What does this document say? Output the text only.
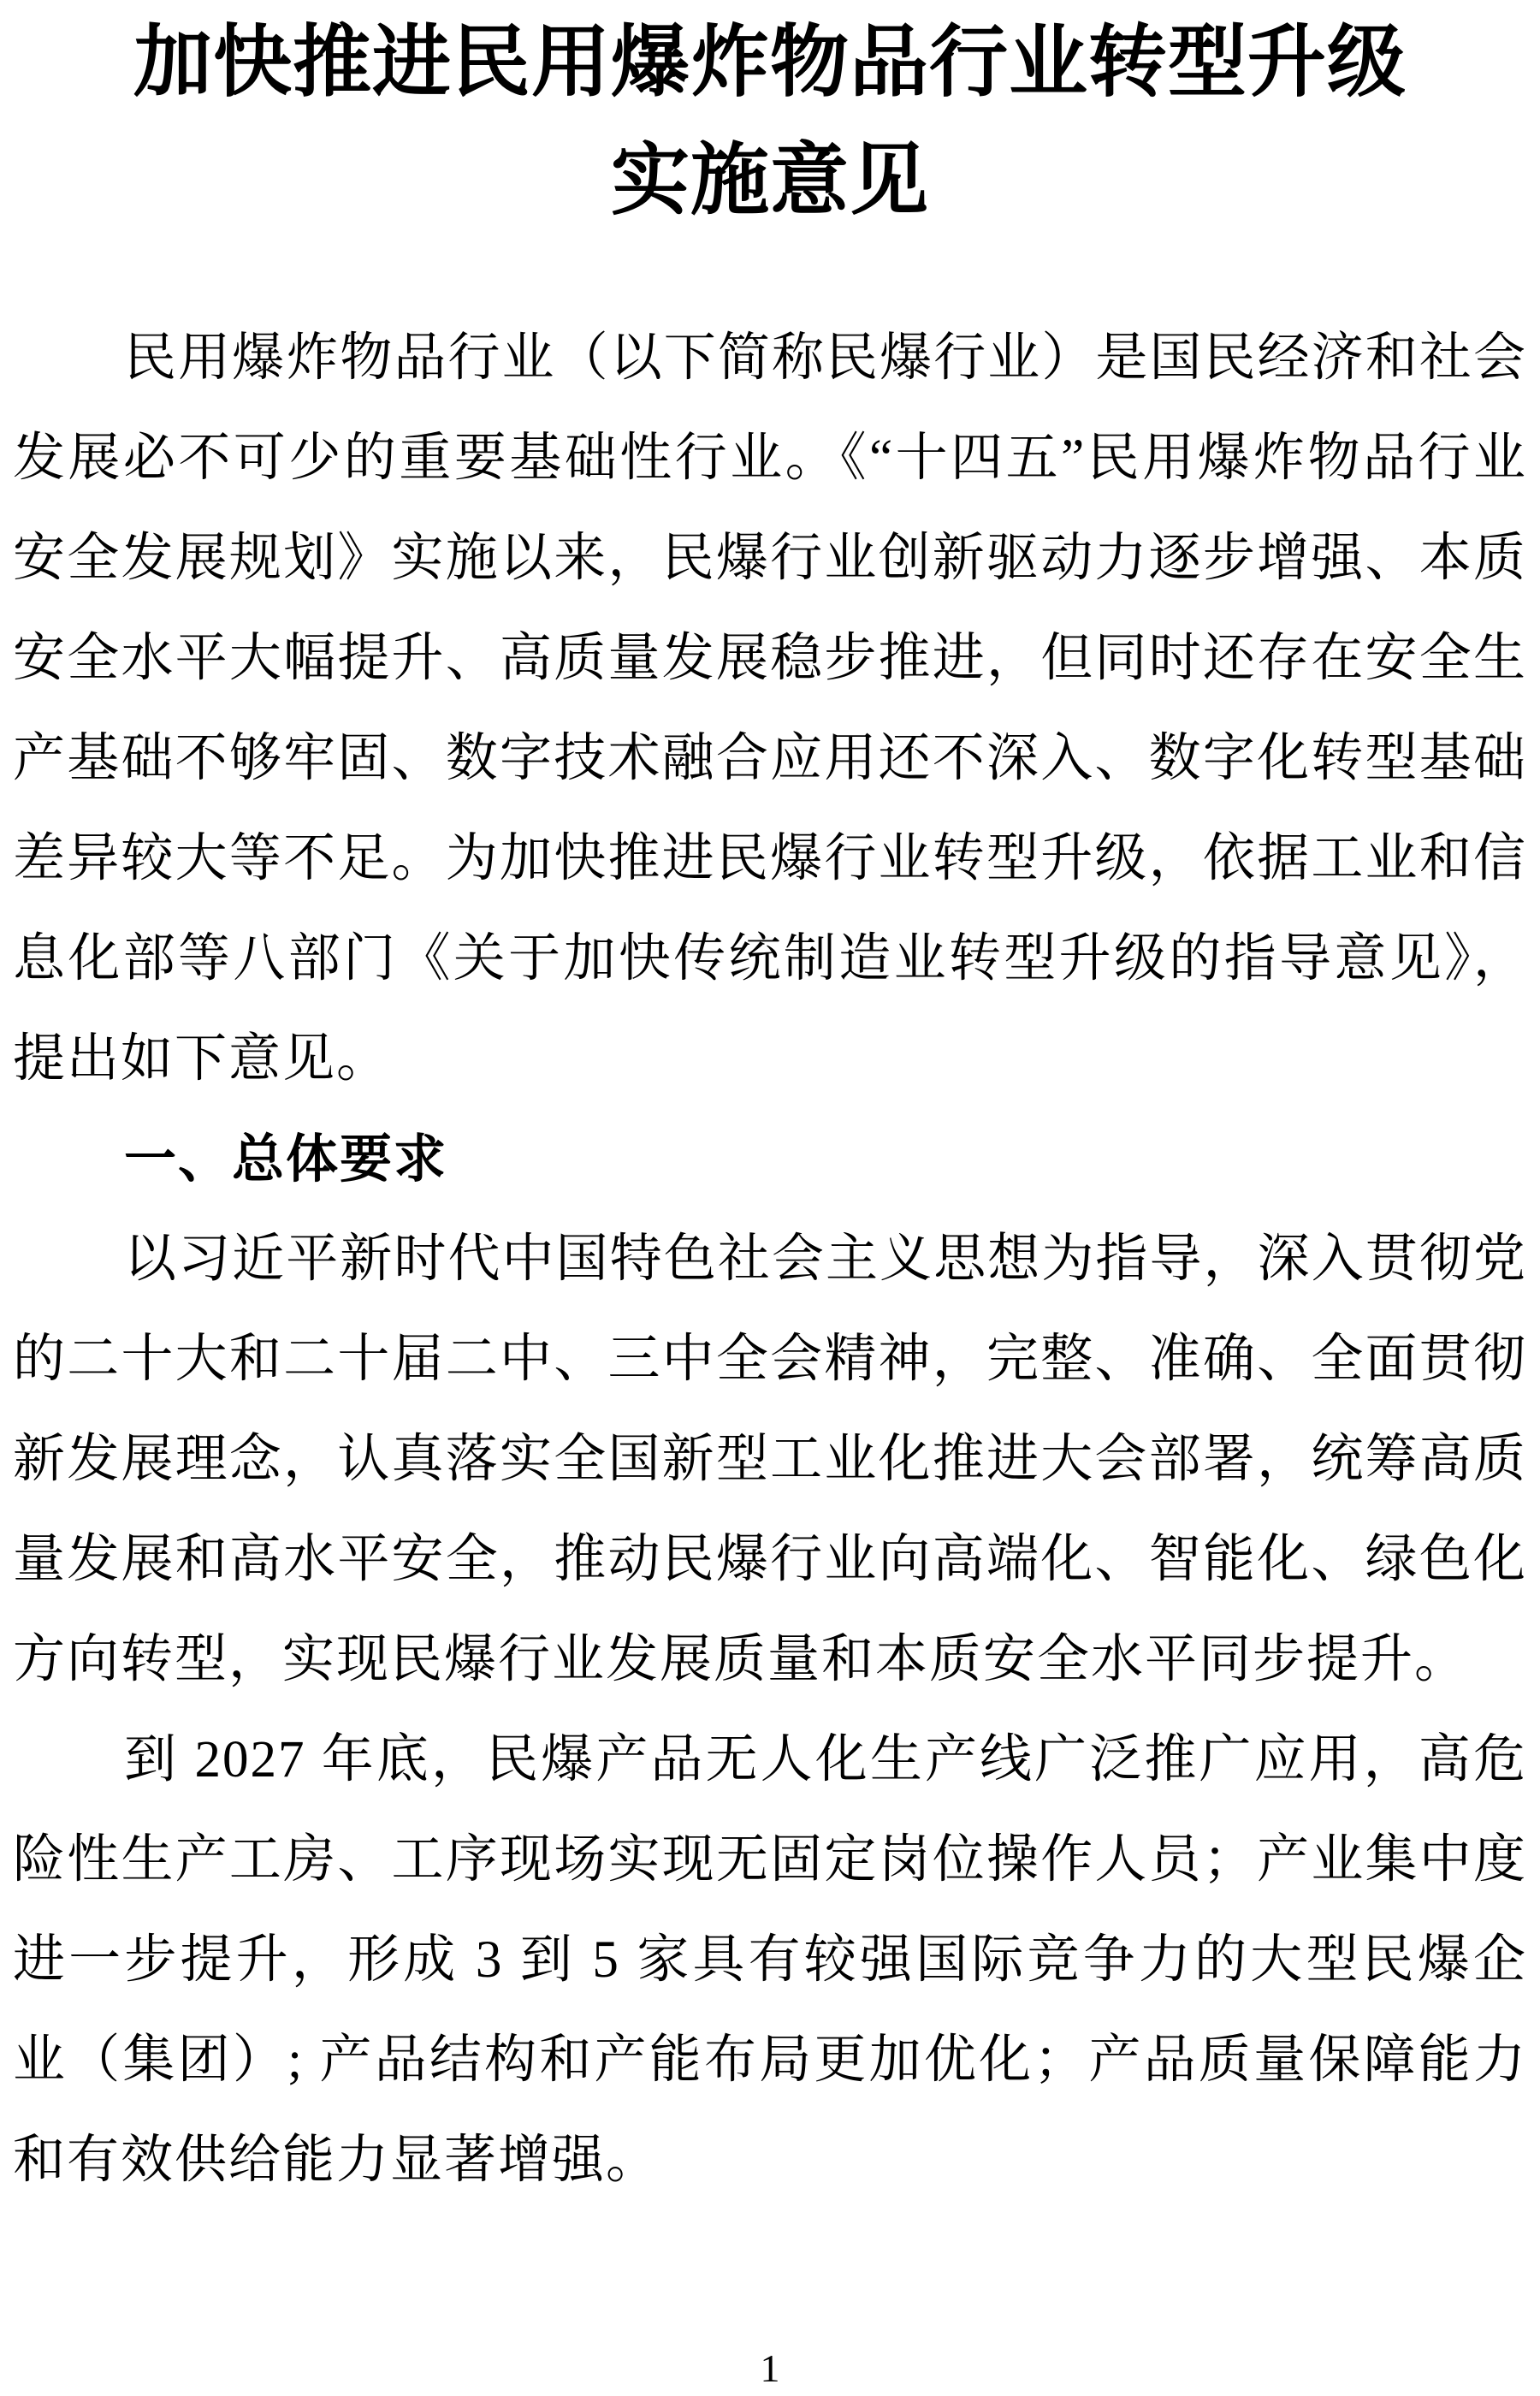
加快推进民用爆炸物品行业转型升级
实施意见

民用爆炸物品行业（以下简称民爆行业）是国民经济和社会发展必不可少的重要基础性行业。《“十四五”民用爆炸物品行业安全发展规划》实施以来，民爆行业创新驱动力逐步增强、本质安全水平大幅提升、高质量发展稳步推进，但同时还存在安全生产基础不够牢固、数字技术融合应用还不深入、数字化转型基础差异较大等不足。为加快推进民爆行业转型升级，依据工业和信息化部等八部门《关于加快传统制造业转型升级的指导意见》，提出如下意见。

一、总体要求

以习近平新时代中国特色社会主义思想为指导，深入贯彻党的二十大和二十届二中、三中全会精神，完整、准确、全面贯彻新发展理念，认真落实全国新型工业化推进大会部署，统筹高质量发展和高水平安全，推动民爆行业向高端化、智能化、绿色化方向转型，实现民爆行业发展质量和本质安全水平同步提升。

到 2027 年底，民爆产品无人化生产线广泛推广应用，高危险性生产工房、工序现场实现无固定岗位操作人员；产业集中度进一步提升，形成 3 到 5 家具有较强国际竞争力的大型民爆企业（集团）; 产品结构和产能布局更加优化；产品质量保障能力和有效供给能力显著增强。

1
